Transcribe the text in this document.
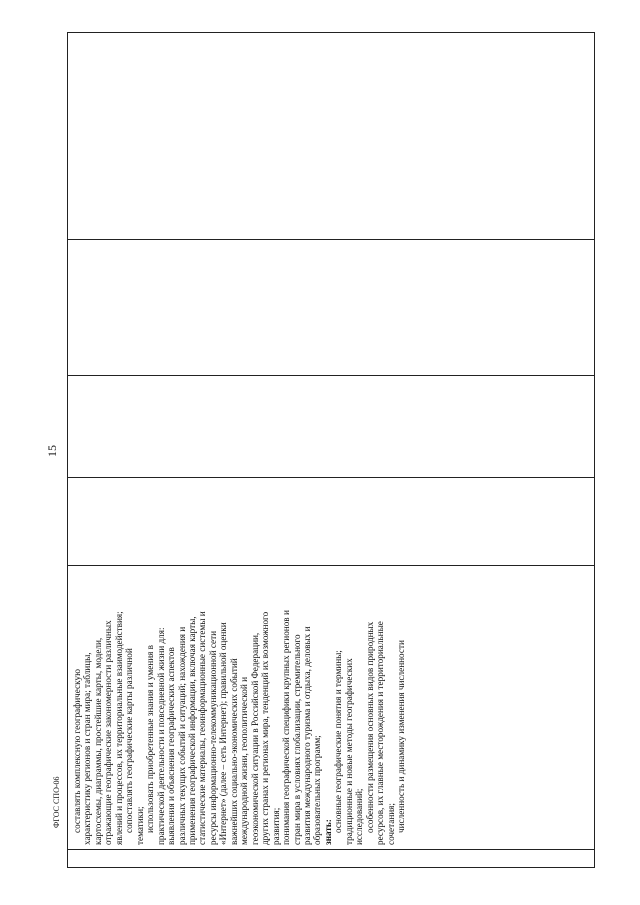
15
составлять комплексную географическую характеристику регионов и стран мира; таблицы, картосхемы, диаграммы, простейшие карты, модели, отражающие географические закономерности различных явлений и процессов, их территориальные взаимодействия; сопоставлять географические карты различной тематики; использовать приобретенные знания и умения в практической деятельности и повседневной жизни для: выявления и объяснения географических аспектов различных текущих событий и ситуаций; нахождения и применения географической информации, включая карты, статистические материалы, геоинформационные системы и ресурсы информационно-телекоммуникационной сети «Интернет» (далее – сеть Интернет); правильной оценки важнейших социально-экономических событий международной жизни, геополитической и геоэкономической ситуации в Российской Федерации, других странах и регионах мира, тенденций их возможного развития; понимания географической специфики крупных регионов и стран мира в условиях глобализации, стремительного развития международного туризма и отдыха, деловых и образовательных программ; знать: основные географические понятия и термины; традиционные и новые методы географических исследований; особенности размещения основных видов природных ресурсов, их главные месторождения и территориальные сочетания; численность и динамику изменения численности
ФГОС СПО-06
